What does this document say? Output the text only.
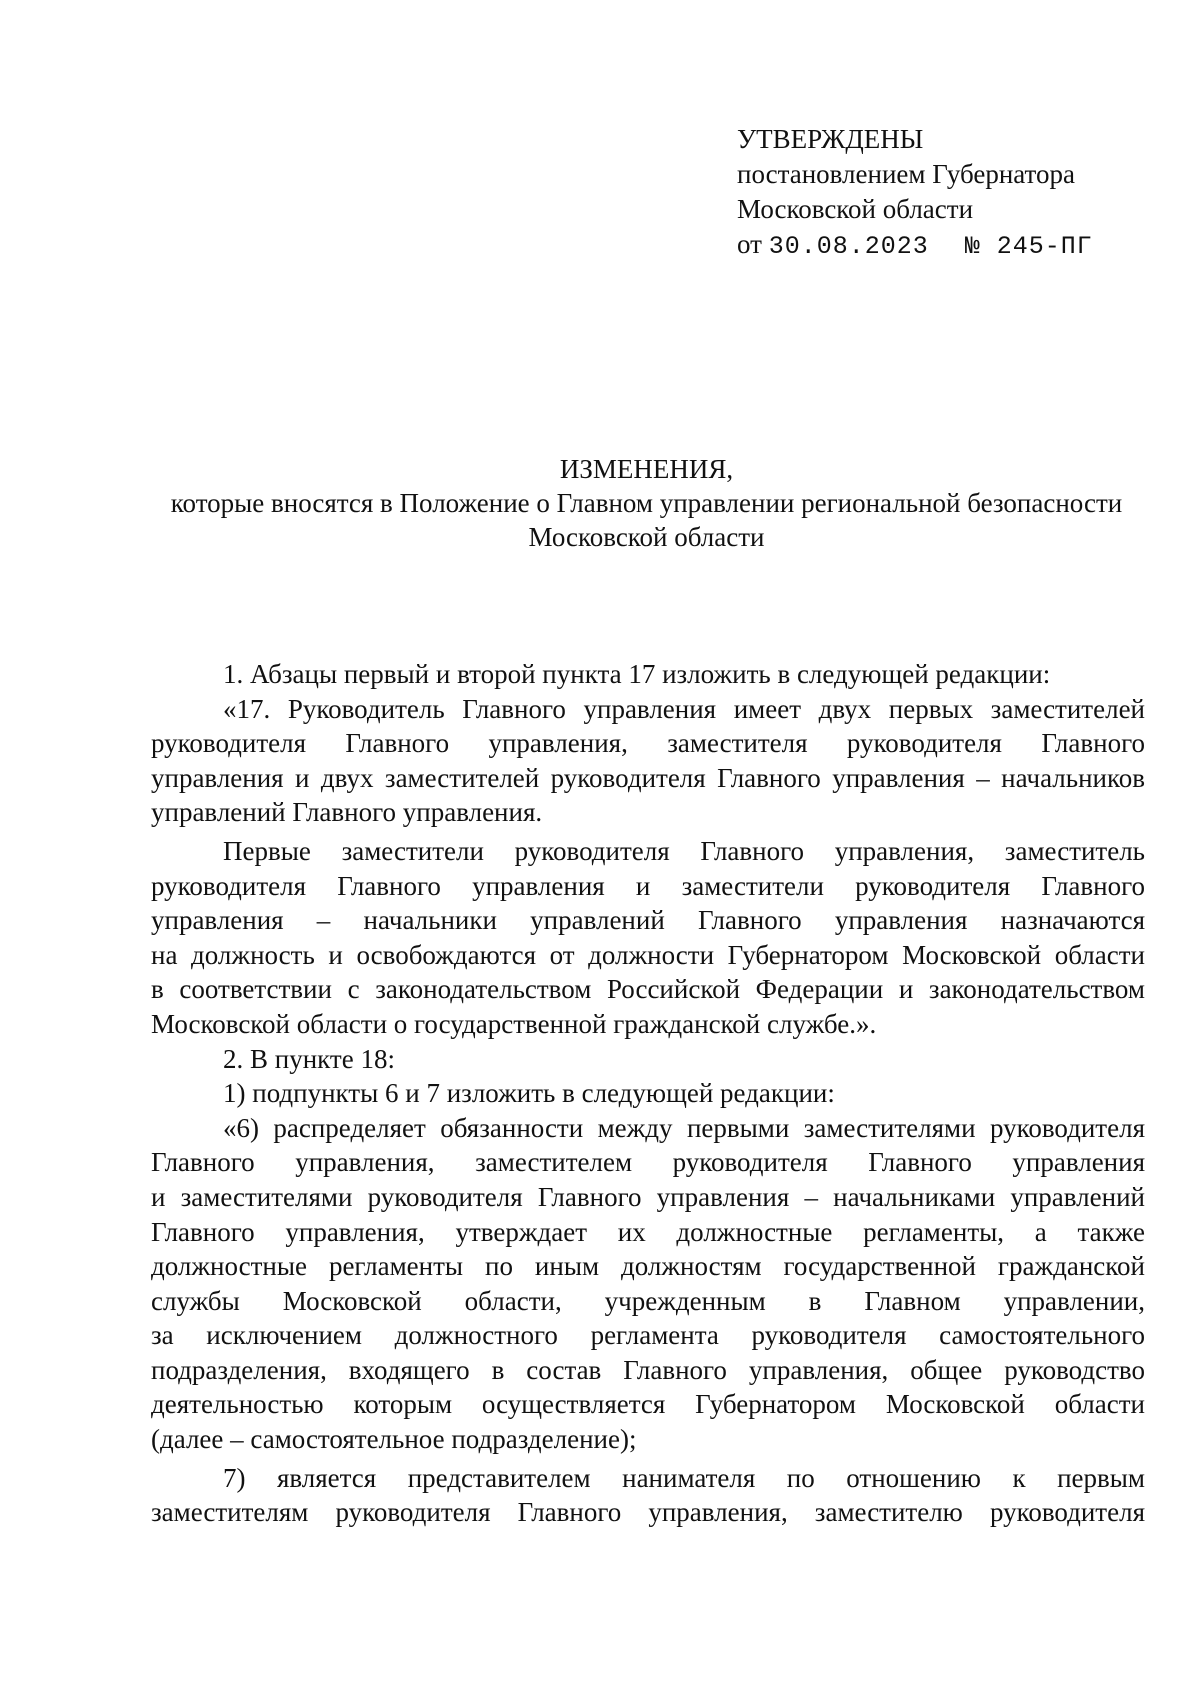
УТВЕРЖДЕНЫ
постановлением Губернатора
Московской области
от 30.08.2023 № 245-ПГ
ИЗМЕНЕНИЯ,
которые вносятся в Положение о Главном управлении региональной безопасности
Московской области

1. Абзацы первый и второй пункта 17 изложить в следующей редакции:

«17. Руководитель Главного управления имеет двух первых заместителей
руководителя Главного управления, заместителя руководителя Главного
управления и двух заместителей руководителя Главного управления – начальников
управлений Главного управления.

Первые заместители руководителя Главного управления, заместитель
руководителя Главного управления и заместители руководителя Главного
управления – начальники управлений Главного управления назначаются
на должность и освобождаются от должности Губернатором Московской области
в соответствии с законодательством Российской Федерации и законодательством
Московской области о государственной гражданской службе.».

2. В пункте 18:

1) подпункты 6 и 7 изложить в следующей редакции:

«6) распределяет обязанности между первыми заместителями руководителя
Главного управления, заместителем руководителя Главного управления
и заместителями руководителя Главного управления – начальниками управлений
Главного управления, утверждает их должностные регламенты, а также
должностные регламенты по иным должностям государственной гражданской
службы Московской области, учрежденным в Главном управлении,
за исключением должностного регламента руководителя самостоятельного
подразделения, входящего в состав Главного управления, общее руководство
деятельностью которым осуществляется Губернатором Московской области
(далее – самостоятельное подразделение);

7) является представителем нанимателя по отношению к первым
заместителям руководителя Главного управления, заместителю руководителя
